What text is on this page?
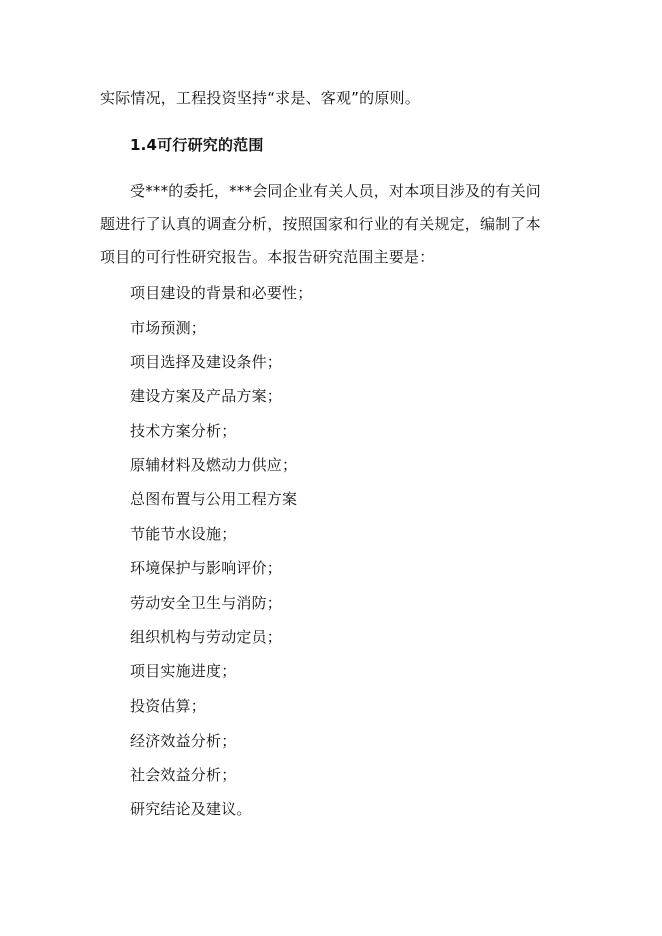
实际情况，工程投资坚持“求是、客观”的原则。
1.4可行研究的范围
受***的委托，***会同企业有关人员，对本项目涉及的有关问
题进行了认真的调查分析，按照国家和行业的有关规定，编制了本
项目的可行性研究报告。本报告研究范围主要是：
项目建设的背景和必要性；
市场预测；
项目选择及建设条件；
建设方案及产品方案；
技术方案分析；
原辅材料及燃动力供应；
总图布置与公用工程方案
节能节水设施；
环境保护与影响评价；
劳动安全卫生与消防；
组织机构与劳动定员；
项目实施进度；
投资估算；
经济效益分析；
社会效益分析；
研究结论及建议。
